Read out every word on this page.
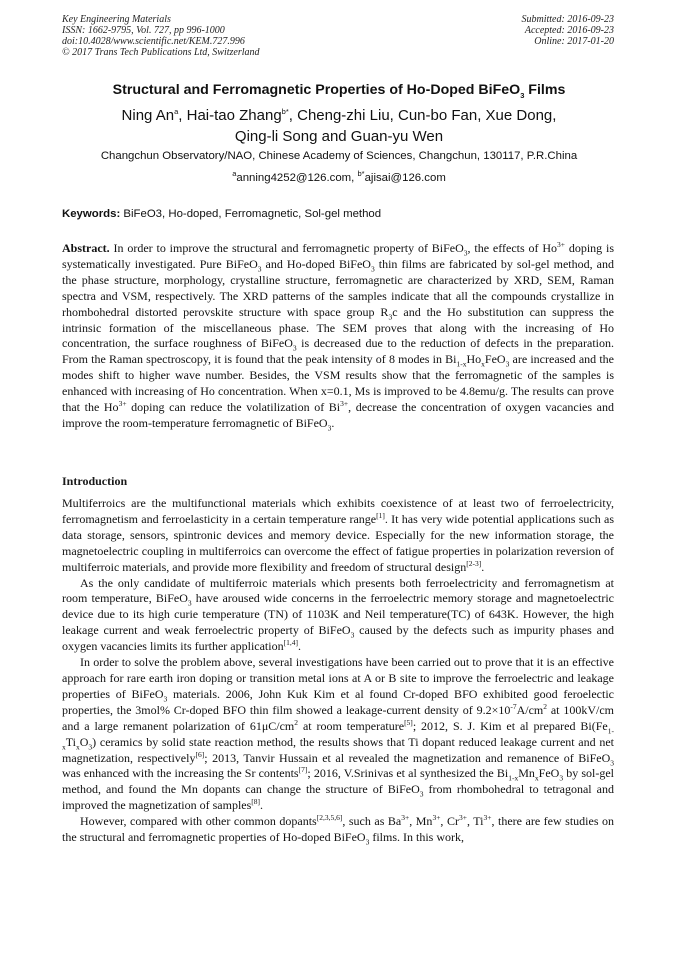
Key Engineering Materials
ISSN: 1662-9795, Vol. 727, pp 996-1000
doi:10.4028/www.scientific.net/KEM.727.996
© 2017 Trans Tech Publications Ltd, Switzerland
Submitted: 2016-09-23
Accepted: 2016-09-23
Online: 2017-01-20
Structural and Ferromagnetic Properties of Ho-Doped BiFeO$_3$ Films
Ning An$^a$, Hai-tao Zhang$^{b*}$, Cheng-zhi Liu, Cun-bo Fan, Xue Dong,
Qing-li Song and Guan-yu Wen
Changchun Observatory/NAO, Chinese Academy of Sciences, Changchun, 130117, P.R.China
$^a$anning4252@126.com, $^{b*}$ajisai@126.com
Keywords: BiFeO3, Ho-doped, Ferromagnetic, Sol-gel method
Abstract. In order to improve the structural and ferromagnetic property of BiFeO$_3$, the effects of $Ho^{3+}$ doping is systematically investigated. Pure BiFeO$_3$ and Ho-doped BiFeO$_3$ thin films are fabricated by sol-gel method, and the phase structure, morphology, crystalline structure, ferromagnetic are characterized by XRD, SEM, Raman spectra and VSM, respectively. The XRD patterns of the samples indicate that all the compounds crystallize in rhombohedral distorted perovskite structure with space group $R_3c$ and the Ho substitution can suppress the intrinsic formation of the miscellaneous phase. The SEM proves that along with the increasing of Ho concentration, the surface roughness of BiFeO$_3$ is decreased due to the reduction of defects in the preparation. From the Raman spectroscopy, it is found that the peak intensity of 8 modes in $Bi_{1-x}Ho_xFeO_3$ are increased and the modes shift to higher wave number. Besides, the VSM results show that the ferromagnetic of the samples is enhanced with increasing of Ho concentration. When x=0.1, Ms is improved to be 4.8emu/g. The results can prove that the $Ho^{3+}$ doping can reduce the volatilization of $Bi^{3+}$, decrease the concentration of oxygen vacancies and improve the room-temperature ferromagnetic of BiFeO$_3$.
Introduction

Multiferroics are the multifunctional materials which exhibits coexistence of at least two of ferroelectricity, ferromagnetism and ferroelasticity in a certain temperature range[1]. It has very wide potential applications such as data storage, sensors, spintronic devices and memory device. Especially for the new information storage, the magnetoelectric coupling in multiferroics can overcome the effect of fatigue properties in polarization reversion of multiferroic materials, and provide more flexibility and freedom of structural design[2-3].

As the only candidate of multiferroic materials which presents both ferroelectricity and ferromagnetism at room temperature, BiFeO$_3$ have aroused wide concerns in the ferroelectric memory storage and magnetoelectric device due to its high curie temperature (TN) of 1103K and Neil temperature(TC) of 643K. However, the high leakage current and weak ferroelectric property of BiFeO$_3$ caused by the defects such as impurity phases and oxygen vacancies limits its further application[1,4].

In order to solve the problem above, several investigations have been carried out to prove that it is an effective approach for rare earth iron doping or transition metal ions at A or B site to improve the ferroelectric and leakage properties of BiFeO$_3$ materials. 2006, John Kuk Kim et al found Cr-doped BFO exhibited good feroelectic properties, the 3mol% Cr-doped BFO thin film showed a leakage-current density of $9.2\times 10^{-7}A/cm^2$ at 100kV/cm and a large remanent polarization of $61\mu C/cm^2$ at room temperature[5]; 2012, S. J. Kim et al prepared $Bi(Fe_{1-x}Ti_xO_3)$ ceramics by solid state reaction method, the results shows that Ti dopant reduced leakage current and net magnetization, respectively[6]; 2013, Tanvir Hussain et al revealed the magnetization and remanence of BiFeO$_3$ was enhanced with the increasing the Sr contents[7]; 2016, V.Srinivas et al synthesized the $Bi_{1-x}Mn_xFeO_3$ by sol-gel method, and found the Mn dopants can change the structure of BiFeO$_3$ from rhombohedral to tetragonal and improved the magnetization of samples[8].

However, compared with other common dopants[2,3,5,6], such as $Ba^{3+}$, $Mn^{3+}$, $Cr^{3+}$, $Ti^{3+}$, there are few studies on the structural and ferromagnetic properties of Ho-doped BiFeO$_3$ films. In this work,
